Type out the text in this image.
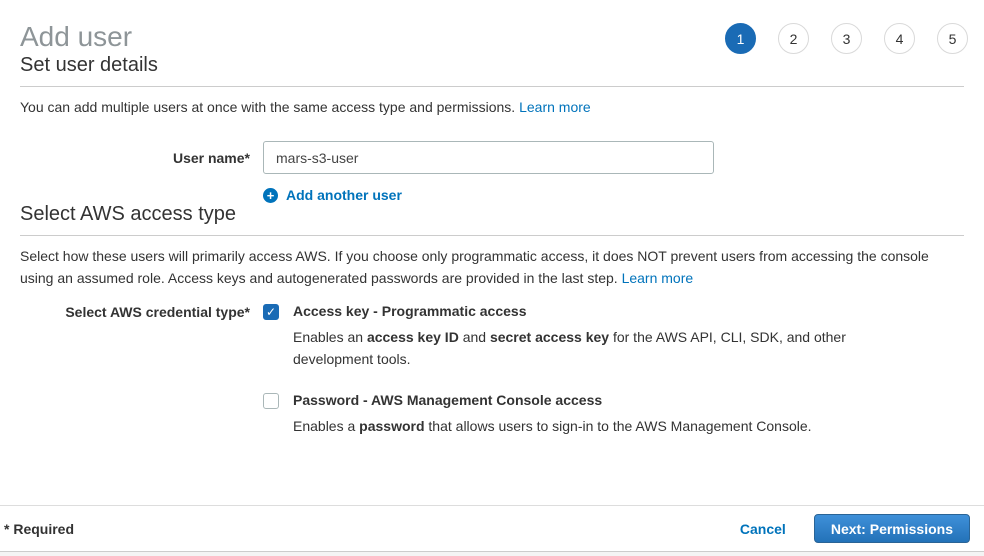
Add user	1	2	3	4	5
Set user details
You can add multiple users at once with the same access type and permissions. Learn more
User name*
mars-s3-user
+ Add another user
Select AWS access type
Select how these users will primarily access AWS. If you choose only programmatic access, it does NOT prevent users from accessing the console using an assumed role. Access keys and autogenerated passwords are provided in the last step. Learn more
Select AWS credential type* ✓ Access key - Programmatic access
Enables an access key ID and secret access key for the AWS API, CLI, SDK, and other development tools.
Password - AWS Management Console access
Enables a password that allows users to sign-in to the AWS Management Console.
* Required	Cancel	Next: Permissions
